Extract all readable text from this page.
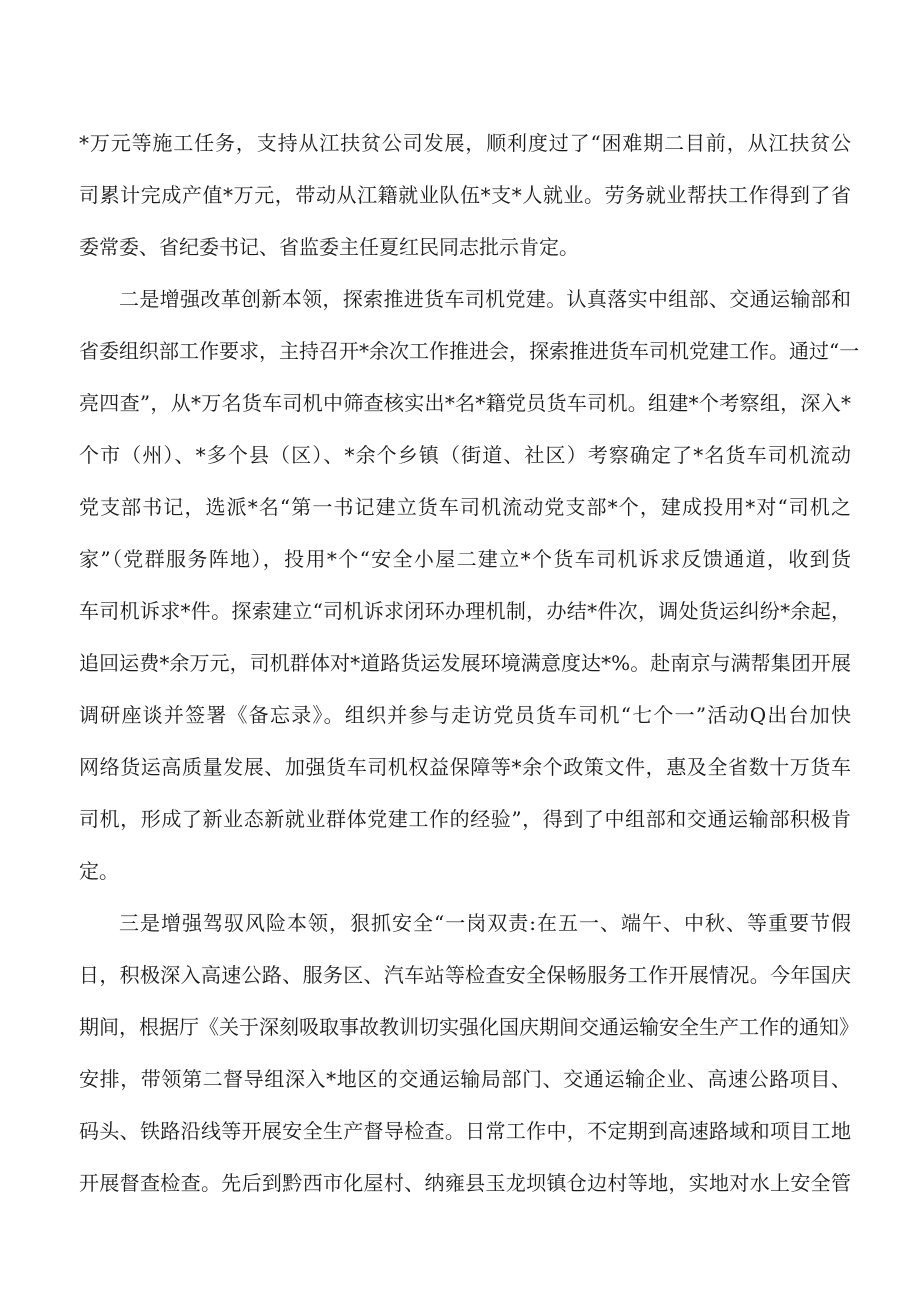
*万元等施工任务，支持从江扶贫公司发展，顺利度过了“困难期二目前，从江扶贫公
司累计完成产值*万元，带动从江籍就业队伍*支*人就业。劳务就业帮扶工作得到了省
委常委、省纪委书记、省监委主任夏红民同志批示肯定。
二是增强改革创新本领，探索推进货车司机党建。认真落实中组部、交通运输部和
省委组织部工作要求，主持召开*余次工作推进会，探索推进货车司机党建工作。通过“一
亮四查”，从*万名货车司机中筛查核实出*名*籍党员货车司机。组建*个考察组，深入*
个市（州）、*多个县（区）、*余个乡镇（街道、社区）考察确定了*名货车司机流动
党支部书记，选派*名“第一书记建立货车司机流动党支部*个，建成投用*对“司机之
家”（党群服务阵地），投用*个“安全小屋二建立*个货车司机诉求反馈通道，收到货
车司机诉求*件。探索建立“司机诉求闭环办理机制，办结*件次，调处货运纠纷*余起，
追回运费*余万元，司机群体对*道路货运发展环境满意度达*%。赴南京与满帮集团开展
调研座谈并签署《备忘录》。组织并参与走访党员货车司机“七个一”活动Q出台加快
网络货运高质量发展、加强货车司机权益保障等*余个政策文件，惠及全省数十万货车
司机，形成了新业态新就业群体党建工作的经验”，得到了中组部和交通运输部积极肯
定。
三是增强驾驭风险本领，狠抓安全“一岗双责:在五一、端午、中秋、等重要节假
日，积极深入高速公路、服务区、汽车站等检查安全保畅服务工作开展情况。今年国庆
期间，根据厅《关于深刻吸取事故教训切实强化国庆期间交通运输安全生产工作的通知》
安排，带领第二督导组深入*地区的交通运输局部门、交通运输企业、高速公路项目、
码头、铁路沿线等开展安全生产督导检查。日常工作中，不定期到高速路域和项目工地
开展督查检查。先后到黔西市化屋村、纳雍县玉龙坝镇仓边村等地，实地对水上安全管
